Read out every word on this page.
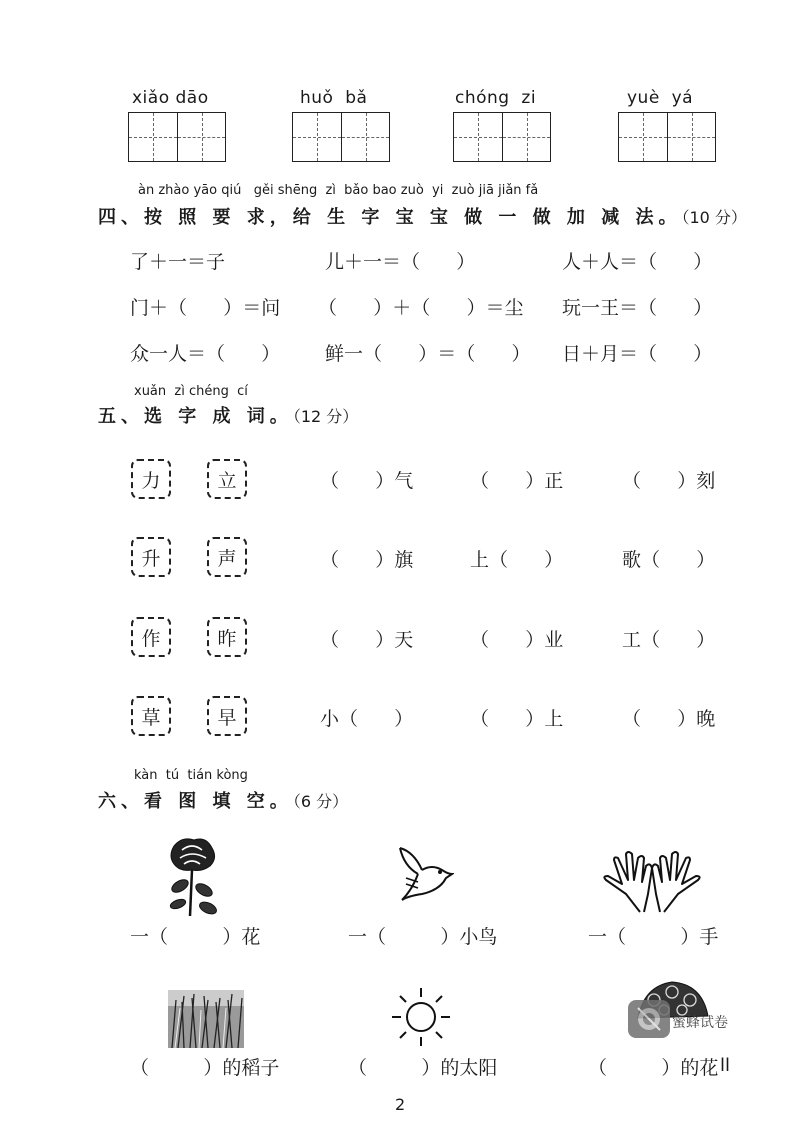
xiǎo dāo	huǒ  bǎ	chóng  zi	yuè  yá
àn zhào yāo qiú   gěi shēng  zì  bǎo bao zuò  yi  zuò jiā jiǎn fǎ
四、按 照 要 求，给 生 字 宝 宝 做 一 做 加 减 法。（10 分）
了＋一＝子	儿＋一＝（      ）	人＋人＝（      ）
门＋（      ）＝问 （      ）＋（      ）＝尘 玩一王＝（      ）
众一人＝（      ） 鲜一（      ）＝（      ） 日＋月＝（      ）
xuǎn  zì chéng  cí
五、选 字 成 词。（12 分）
力	立	（      ）气	（      ）正	（      ）刻
升	声	（      ）旗	上（      ）	歌（      ）
作	昨	（      ）天	（      ）业	工（      ）
草	早	小（      ）	（      ）上	（      ）晚
kàn  tú  tián kòng
六、看 图 填 空。（6 分）
一（         ）花	一（         ）小鸟	一（         ）手
蜜蜂试卷
（         ）的稻子	（         ）的太阳	（         ）的花 ll
2
